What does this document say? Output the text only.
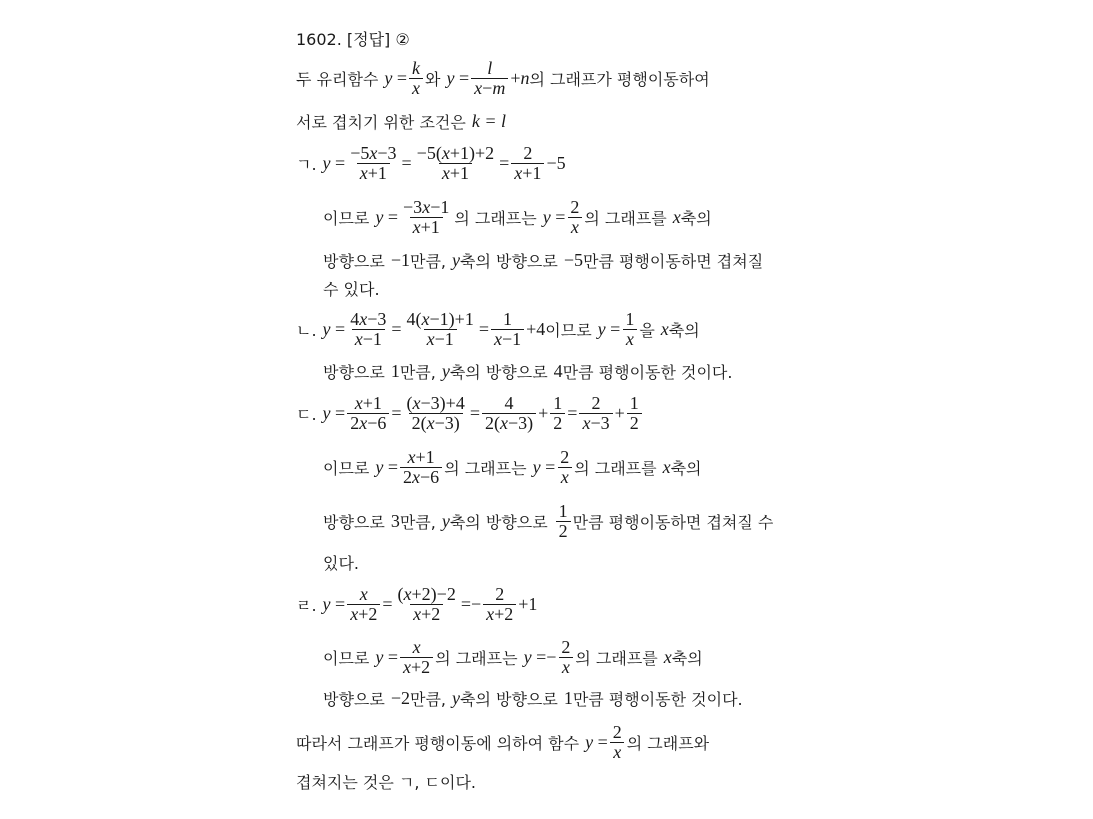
1602. [정답] ②
두 유리함수 $y = \frac{k}{x}$ 와 $y = \frac{l}{x-m} +n$ 의 그래프가 평행이동하여
서로 겹치기 위한 조건은 k = l
ㄱ. $y = \frac{-5x-3}{x+1} = \frac{-5(x+1)+2}{x+1} = \frac{2}{x+1} -5$
이므로 $y = \frac{-3x-1}{x+1}$ 의 그래프는 $y = \frac{2}{x}$ 의 그래프를 x 축의
방향으로 −1 만큼, y 축의 방향으로 −5 만큼 평행이동하면 겹쳐질
수 있다.
ㄴ. $y = \frac{4x-3}{x-1} = \frac{4(x-1)+1}{x-1} = \frac{1}{x-1} +4$ 이므로 $y = \frac{1}{x}$ 을 x 축의
방향으로 1 만큼, y 축의 방향으로 4 만큼 평행이동한 것이다.
ㄷ. $y = \frac{x+1}{2x-6} = \frac{(x-3)+4}{2(x-3)} = \frac{4}{2(x-3)} + \frac{1}{2} = \frac{2}{x-3} + \frac{1}{2}$
이므로 $y = \frac{x+1}{2x-6}$ 의 그래프는 $y = \frac{2}{x}$ 의 그래프를 x 축의
방향으로 3 만큼, y 축의 방향으로 $\frac{1}{2}$ 만큼 평행이동하면 겹쳐질 수
있다.
ㄹ. $y = \frac{x}{x+2} = \frac{(x+2)-2}{x+2} =- \frac{2}{x+2} +1$
이므로 $y = \frac{x}{x+2}$ 의 그래프는 $y =- \frac{2}{x}$ 의 그래프를 x 축의
방향으로 −2 만큼, y 축의 방향으로 1 만큼 평행이동한 것이다.
따라서 그래프가 평행이동에 의하여 함수 $y = \frac{2}{x}$ 의 그래프와
겹쳐지는 것은 ㄱ, ㄷ이다.
